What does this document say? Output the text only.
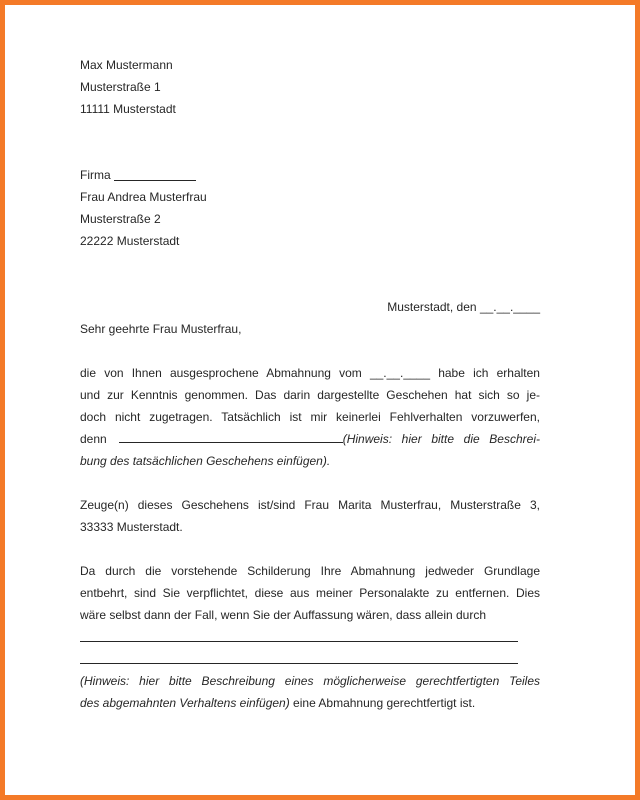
Max Mustermann
Musterstraße 1
11111 Musterstadt
Firma
Frau Andrea Musterfrau
Musterstraße 2
22222 Musterstadt
Musterstadt, den __.__.____
Sehr geehrte Frau Musterfrau,
die von Ihnen ausgesprochene Abmahnung vom __.__.____ habe ich erhalten
und zur Kenntnis genommen. Das darin dargestellte Geschehen hat sich so je-
doch nicht zugetragen. Tatsächlich ist mir keinerlei Fehlverhalten vorzuwerfen,
denn	(Hinweis: hier bitte die Beschrei-
bung des tatsächlichen Geschehens einfügen).
Zeuge(n) dieses Geschehens ist/sind Frau Marita Musterfrau, Musterstraße 3,
33333 Musterstadt.
Da durch die vorstehende Schilderung Ihre Abmahnung jedweder Grundlage
entbehrt, sind Sie verpflichtet, diese aus meiner Personalakte zu entfernen. Dies
wäre selbst dann der Fall, wenn Sie der Auffassung wären, dass allein durch
(Hinweis: hier bitte Beschreibung eines möglicherweise gerechtfertigten Teiles
des abgemahnten Verhaltens einfügen) eine Abmahnung gerechtfertigt ist.
